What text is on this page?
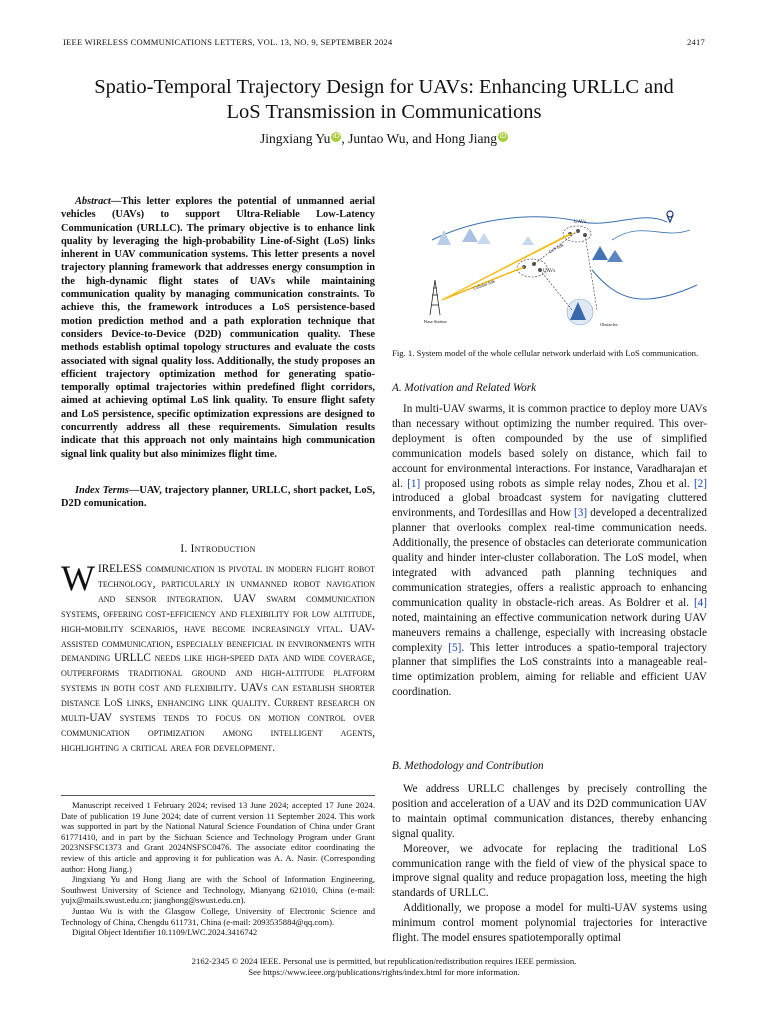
IEEE WIRELESS COMMUNICATIONS LETTERS, VOL. 13, NO. 9, SEPTEMBER 2024	2417
Spatio-Temporal Trajectory Design for UAVs: Enhancing URLLC and
LoS Transmission in Communications
Jingxiang Yu iD , Juntao Wu, and Hong Jiang iD
Abstract—This letter explores the potential of unmanned aerial vehicles (UAVs) to support Ultra-Reliable Low-Latency Communication (URLLC). The primary objective is to enhance link quality by leveraging the high-probability Line-of-Sight (LoS) links inherent in UAV communication systems. This letter presents a novel trajectory planning framework that addresses energy consumption in the high-dynamic flight states of UAVs while maintaining communication quality by managing communication constraints. To achieve this, the framework introduces a LoS persistence-based motion prediction method and a path exploration technique that considers Device-to-Device (D2D) communication quality. These methods establish optimal topology structures and evaluate the costs associated with signal quality loss. Additionally, the study proposes an efficient trajectory optimization method for generating spatio-temporally optimal trajectories within predefined flight corridors, aimed at achieving optimal LoS link quality. To ensure flight safety and LoS persistence, specific optimization expressions are designed to concurrently address all these requirements. Simulation results indicate that this approach not only maintains high communication signal link quality but also minimizes flight time.
Index Terms—UAV, trajectory planner, URLLC, short packet, LoS, D2D comunication.
I. Introduction
WIRELESS communication is pivotal in modern flight robot technology, particularly in unmanned robot navigation and sensor integration. UAV swarm communication systems, offering cost-efficiency and flexibility for low altitude, high-mobility scenarios, have become increasingly vital. UAV-assisted communication, especially beneficial in environments with demanding URLLC needs like high-speed data and wide coverage, outperforms traditional ground and high-altitude platform systems in both cost and flexibility. UAVs can establish shorter distance LoS links, enhancing link quality. Current research on multi-UAV systems tends to focus on motion control over communication optimization among intelligent agents, highlighting a critical area for development.

Manuscript received 1 February 2024; revised 13 June 2024; accepted 17 June 2024. Date of publication 19 June 2024; date of current version 11 September 2024. This work was supported in part by the National Natural Science Foundation of China under Grant 61771410, and in part by the Sichuan Science and Technology Program under Grant 2023NSFSC1373 and Grant 2024NSFSC0476. The associate editor coordinating the review of this article and approving it for publication was A. A. Nasir. (Corresponding author: Hong Jiang.)

Jingxiang Yu and Hong Jiang are with the School of Information Engineering, Southwest University of Science and Technology, Mianyang 621010, China (e-mail: yujx@mails.swust.edu.cn; jianghong@swust.edu.cn).

Juntao Wu is with the Glasgow College, University of Electronic Science and Technology of China, Chengdu 611731, China (e-mail: 2093535884@qq.com).

Digital Object Identifier 10.1109/LWC.2024.3416742

UAVs
UAVs
LoS link
Cellular link
Base Station
Obstacles
Fig. 1. System model of the whole cellular network underlaid with LoS communication.
A. Motivation and Related Work

In multi-UAV swarms, it is common practice to deploy more UAVs than necessary without optimizing the number required. This over-deployment is often compounded by the use of simplified communication models based solely on distance, which fail to account for environmental interactions. For instance, Varadharajan et al. [1] proposed using robots as simple relay nodes, Zhou et al. [2] introduced a global broadcast system for navigating cluttered environments, and Tordesillas and How [3] developed a decentralized planner that overlooks complex real-time communication needs. Additionally, the presence of obstacles can deteriorate communication quality and hinder inter-cluster collaboration. The LoS model, when integrated with advanced path planning techniques and communication strategies, offers a realistic approach to enhancing communication quality in obstacle-rich areas. As Boldrer et al. [4] noted, maintaining an effective communication network during UAV maneuvers remains a challenge, especially with increasing obstacle complexity [5]. This letter introduces a spatio-temporal trajectory planner that simplifies the LoS constraints into a manageable real-time optimization problem, aiming for reliable and efficient UAV coordination.

B. Methodology and Contribution

We address URLLC challenges by precisely controlling the position and acceleration of a UAV and its D2D communication UAV to maintain optimal communication distances, thereby enhancing signal quality.

Moreover, we advocate for replacing the traditional LoS communication range with the field of view of the physical space to improve signal quality and reduce propagation loss, meeting the high standards of URLLC.

Additionally, we propose a model for multi-UAV systems using minimum control moment polynomial trajectories for interactive flight. The model ensures spatiotemporally optimal

2162-2345 © 2024 IEEE. Personal use is permitted, but republication/redistribution requires IEEE permission.
See https://www.ieee.org/publications/rights/index.html for more information.
